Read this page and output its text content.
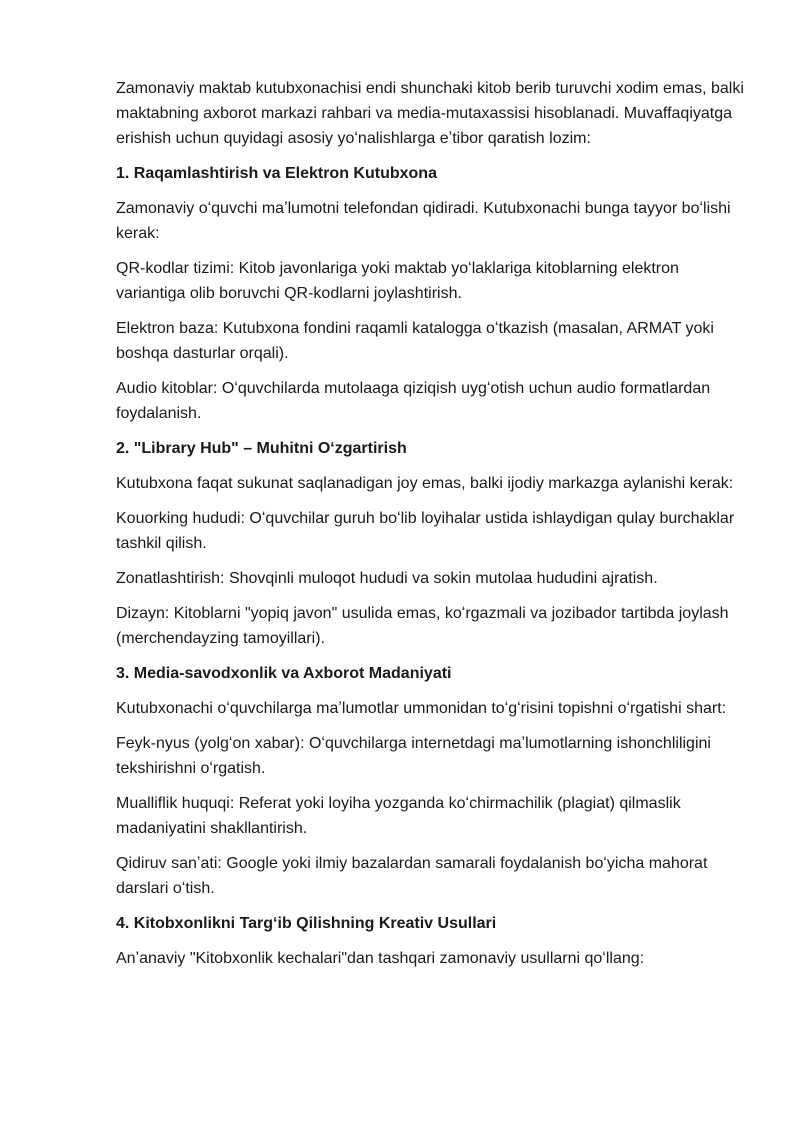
Zamonaviy maktab kutubxonachisi endi shunchaki kitob berib turuvchi xodim emas, balki maktabning axborot markazi rahbari va media-mutaxassisi hisoblanadi. Muvaffaqiyatga erishish uchun quyidagi asosiy yoʻnalishlarga eʼtibor qaratish lozim:

1. Raqamlashtirish va Elektron Kutubxona

Zamonaviy oʻquvchi maʼlumotni telefondan qidiradi. Kutubxonachi bunga tayyor boʻlishi kerak:

QR-kodlar tizimi: Kitob javonlariga yoki maktab yoʻlaklariga kitoblarning elektron variantiga olib boruvchi QR-kodlarni joylashtirish.

Elektron baza: Kutubxona fondini raqamli katalogga oʻtkazish (masalan, ARMAT yoki boshqa dasturlar orqali).

Audio kitoblar: Oʻquvchilarda mutolaaga qiziqish uygʻotish uchun audio formatlardan foydalanish.

2. "Library Hub" – Muhitni Oʻzgartirish

Kutubxona faqat sukunat saqlanadigan joy emas, balki ijodiy markazga aylanishi kerak:

Kouorking hududi: Oʻquvchilar guruh boʻlib loyihalar ustida ishlaydigan qulay burchaklar tashkil qilish.

Zonatlashtirish: Shovqinli muloqot hududi va sokin mutolaa hududini ajratish.

Dizayn: Kitoblarni "yopiq javon" usulida emas, koʻrgazmali va jozibador tartibda joylash (merchendayzing tamoyillari).

3. Media-savodxonlik va Axborot Madaniyati

Kutubxonachi oʻquvchilarga maʼlumotlar ummonidan toʻgʻrisini topishni oʻrgatishi shart:

Feyk-nyus (yolgʻon xabar): Oʻquvchilarga internetdagi maʼlumotlarning ishonchliligini tekshirishni oʻrgatish.

Mualliflik huquqi: Referat yoki loyiha yozganda koʻchirmachilik (plagiat) qilmaslik madaniyatini shakllantirish.

Qidiruv sanʼati: Google yoki ilmiy bazalardan samarali foydalanish boʻyicha mahorat darslari oʻtish.

4. Kitobxonlikni Targʻib Qilishning Kreativ Usullari

Anʼanaviy "Kitobxonlik kechalari"dan tashqari zamonaviy usullarni qoʻllang:
